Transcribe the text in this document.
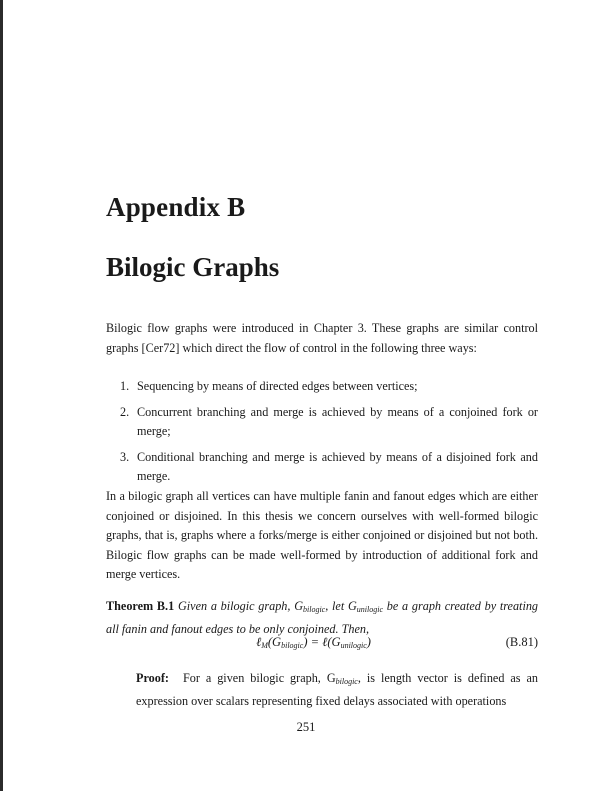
Appendix B
Bilogic Graphs

Bilogic flow graphs were introduced in Chapter 3. These graphs are similar control graphs [Cer72] which direct the flow of control in the following three ways:

1. Sequencing by means of directed edges between vertices;
2. Concurrent branching and merge is achieved by means of a conjoined fork or merge;
3. Conditional branching and merge is achieved by means of a disjoined fork and merge.

In a bilogic graph all vertices can have multiple fanin and fanout edges which are either conjoined or disjoined. In this thesis we concern ourselves with well-formed bilogic graphs, that is, graphs where a forks/merge is either conjoined or disjoined but not both. Bilogic flow graphs can be made well-formed by introduction of additional fork and merge vertices.

Theorem B.1 Given a bilogic graph, $G_{bilogic}$, let $G_{unilogic}$ be a graph created by treating all fanin and fanout edges to be only conjoined. Then,

$\ell_M(G_{bilogic})$ = $\ell(G_{unilogic})$	(B.81)

Proof: For a given bilogic graph, $G_{bilogic}$, is length vector is defined as an expression over scalars representing fixed delays associated with operations

251
